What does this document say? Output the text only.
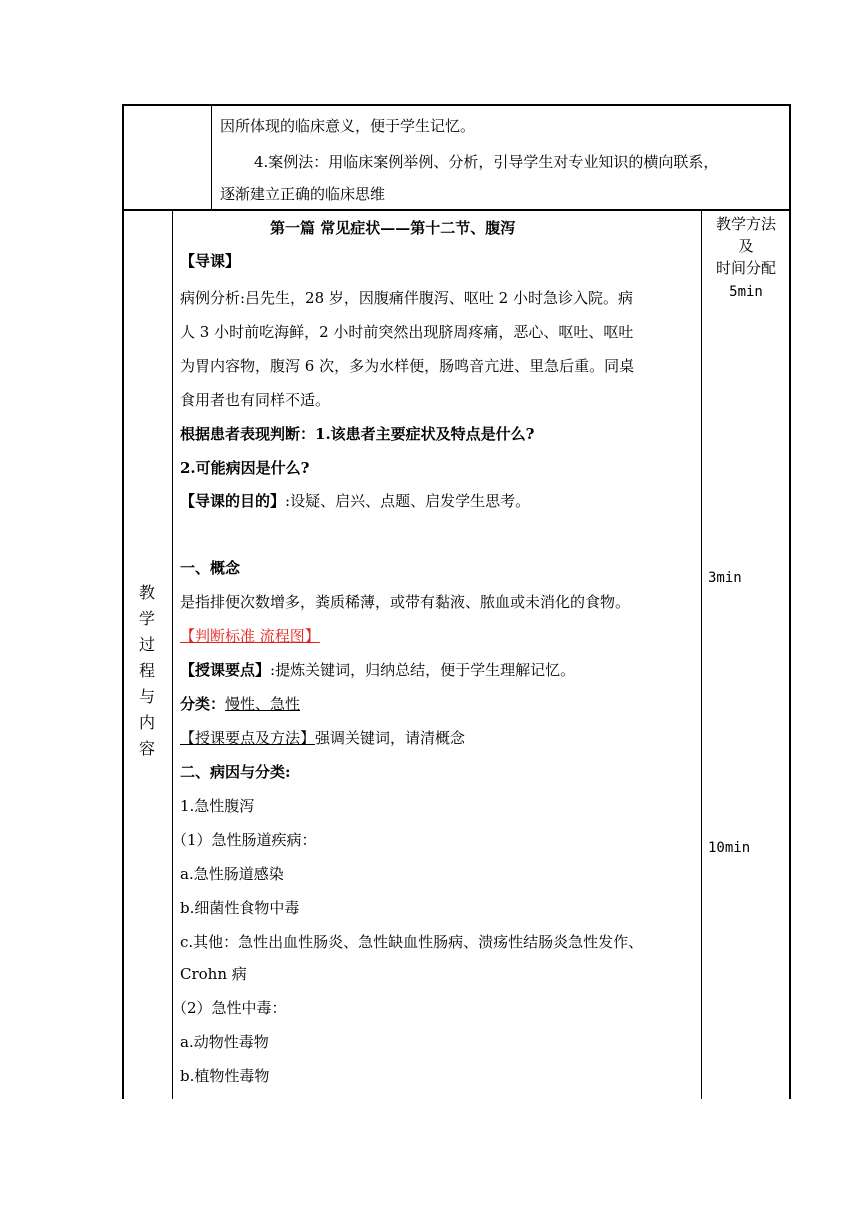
因所体现的临床意义，便于学生记忆。
4.案例法：用临床案例举例、分析，引导学生对专业知识的横向联系，
逐渐建立正确的临床思维
教
学
过
程
与
内
容
教学方法
及
时间分配
5min
3min
10min
第一篇 常见症状——第十二节、腹泻
【导课】
病例分析:吕先生，28 岁，因腹痛伴腹泻、呕吐 2 小时急诊入院。病
人 3 小时前吃海鲜，2 小时前突然出现脐周疼痛，恶心、呕吐、呕吐
为胃内容物，腹泻 6 次，多为水样便，肠鸣音亢进、里急后重。同桌
食用者也有同样不适。
根据患者表现判断：1.该患者主要症状及特点是什么?
2.可能病因是什么?
【导课的目的】:设疑、启兴、点题、启发学生思考。
一、概念
是指排便次数增多，粪质稀薄，或带有黏液、脓血或未消化的食物。
【判断标准 流程图】
【授课要点】:提炼关键词，归纳总结，便于学生理解记忆。
分类：慢性、急性
【授课要点及方法】强调关键词，请清概念
二、病因与分类:
1.急性腹泻
（1）急性肠道疾病：
a.急性肠道感染
b.细菌性食物中毒
c.其他：急性出血性肠炎、急性缺血性肠病、溃疡性结肠炎急性发作、
Crohn 病
（2）急性中毒：
a.动物性毒物
b.植物性毒物
